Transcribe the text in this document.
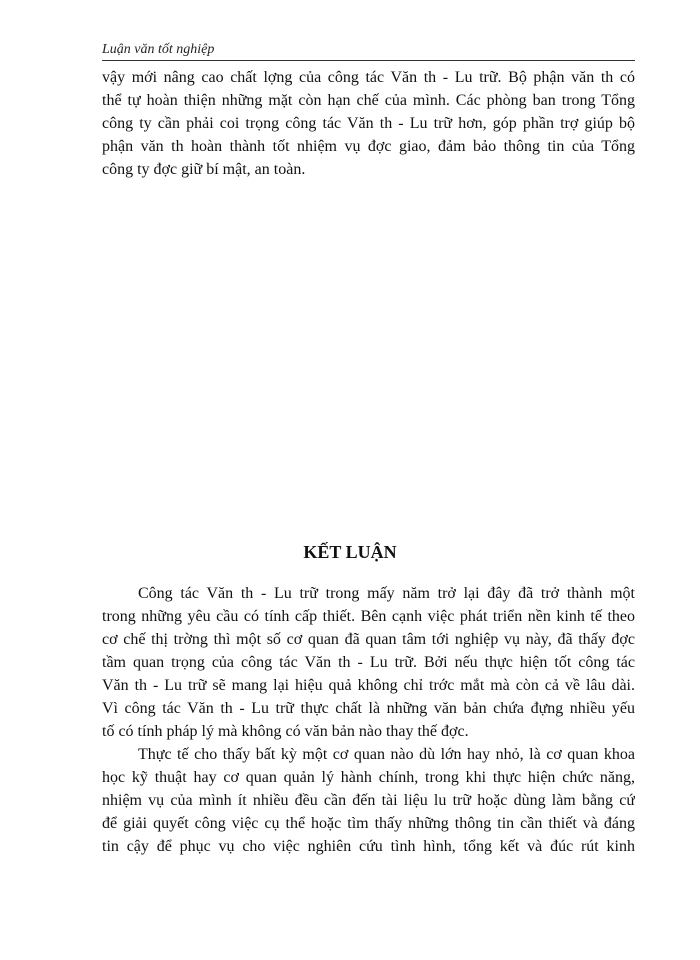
Luận văn tốt nghiệp
vậy mới nâng cao chất lợng của công tác Văn th - Lu trữ. Bộ phận văn th có
thể tự hoàn thiện những mặt còn hạn chế của mình. Các phòng ban trong Tổng
công ty cần phải coi trọng công tác Văn th - Lu trữ hơn, góp phần trợ giúp bộ
phận văn th hoàn thành tốt nhiệm vụ đợc giao, đảm bảo thông tin của Tổng
công ty đợc giữ bí mật, an toàn.
KẾT LUẬN
Công tác Văn th - Lu trữ trong mấy năm trở lại đây đã trở thành một
trong những yêu cầu có tính cấp thiết. Bên cạnh việc phát triển nền kinh tế theo
cơ chế thị trờng thì một số cơ quan đã quan tâm tới nghiệp vụ này, đã thấy đợc
tầm quan trọng của công tác Văn th - Lu trữ. Bởi nếu thực hiện tốt công tác
Văn th - Lu trữ sẽ mang lại hiệu quả không chỉ trớc mắt mà còn cả về lâu dài.
Vì công tác Văn th - Lu trữ thực chất là những văn bản chứa đựng nhiều yếu
tố có tính pháp lý mà không có văn bản nào thay thế đợc.
Thực tế cho thấy bất kỳ một cơ quan nào dù lớn hay nhỏ, là cơ quan khoa
học kỹ thuật hay cơ quan quản lý hành chính, trong khi thực hiện chức năng,
nhiệm vụ của mình ít nhiều đều cần đến tài liệu lu trữ hoặc dùng làm bằng cứ
để giải quyết công việc cụ thể hoặc tìm thấy những thông tin cần thiết và đáng
tin cậy để phục vụ cho việc nghiên cứu tình hình, tổng kết và đúc rút kinh
